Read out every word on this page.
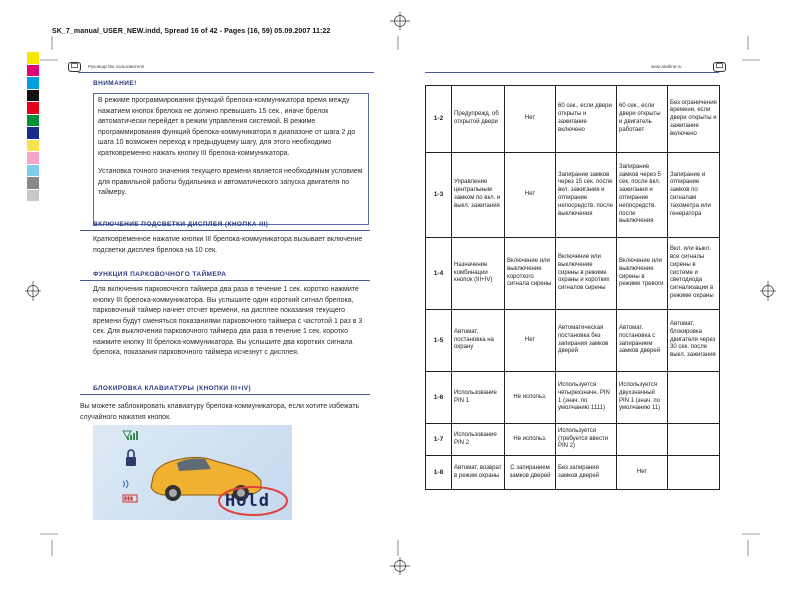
SK_7_manual_USER_NEW.indd, Spread 16 of 42 - Pages (16, 59) 05.09.2007 11:22
Руководство пользователя
ВНИМАНИЕ!

В режиме программирования функций брелока-коммуникатора время между нажатием кнопок брелока не должно превышать 15 сек., иначе брелок автоматически перейдет в режим управления системой. В режиме программирования функций брелока-коммуникатора в диапазоне от шага 2 до шага 10 возможен переход к предыдущему шагу, для этого необходимо кратковременно нажать кнопку III брелока-коммуникатора.

Установка точного значения текущего времени является необходимым условием для правильной работы будильника и автоматического запуска двигателя по таймеру.

ВКЛЮЧЕНИЕ ПОДСВЕТКИ ДИСПЛЕЯ (КНОПКА III)
Кратковременное нажатие кнопки III брелока-коммуникатора вызывает включение подсветки дисплея брелока на 10 сек.
ФУНКЦИЯ ПАРКОВОЧНОГО ТАЙМЕРА
Для включения парковочного таймера два раза в течение 1 сек. коротко нажмите кнопку III брелока-коммуникатора. Вы услышите один короткий сигнал брелока, парковочный таймер начнет отсчет времени, на дисплее показания текущего времени будут сменяться показаниями парковочного таймера с частотой 1 раз в 3 сек. Для выключения парковочного таймера два раза в течение 1 сек. коротко нажмите кнопку III брелока-коммуникатора. Вы услышите два коротких сигнала брелока, показания парковочного таймера исчезнут с дисплея.
БЛОКИРОВКА КЛАВИАТУРЫ (КНОПКИ III+IV)
Вы можете заблокировать клавиатуру брелока-коммуникатора, если хотите избежать случайного нажатия кнопок.
Hold
www.starline.ru
1-2	Предупрежд. об открытой двери	Нет	60 сек., если двери открыты и зажигание включено	60 сек., если двери открыты и двигатель работает	Без ограничения времени, если двери открыты и зажигание включено
1-3	Управление центральным замком по вкл. и выкл. зажигания	Нет	Запирание замков через 15 сек. после вкл. зажигания и отпирание непосредств. после выключения	Запирание замков через 5 сек. после вкл. зажигания и отпирание непосредств. после выключения	Запирание и отпирание замков по сигналам тахометра или генератора
1-4	Назначение комбинации кнопок (III+IV)	Включение или выключение короткого сигнала сирены	Включение или выключение сирены в режиме охраны и коротких сигналов сирены	Включение или выключение сирены в режиме тревоги	Вкл. или выкл. все сигналы сирены в системе и светодиода сигнализации в режиме охраны
1-5	Автомат. постановка на охрану	Нет	Автоматическая постановка без запирания замков дверей	Автомат. постановка с запиранием замков дверей	Автомат. блокировка двигателя через 30 сек. после выкл. зажигания
1-6	Использование PIN 1	Не использ.	Используется четырехзначн. PIN 1 (знач. по умолчанию 1111)	Используется двухзначный PIN 1 (знач. по умолчанию 11)	
1-7	Использование PIN 2	Не использ.	Используется (требуется ввести PIN 2)		
1-8	Автомат. возврат в режим охраны	С запиранием замков дверей	Без запирания замков дверей	Нет	
